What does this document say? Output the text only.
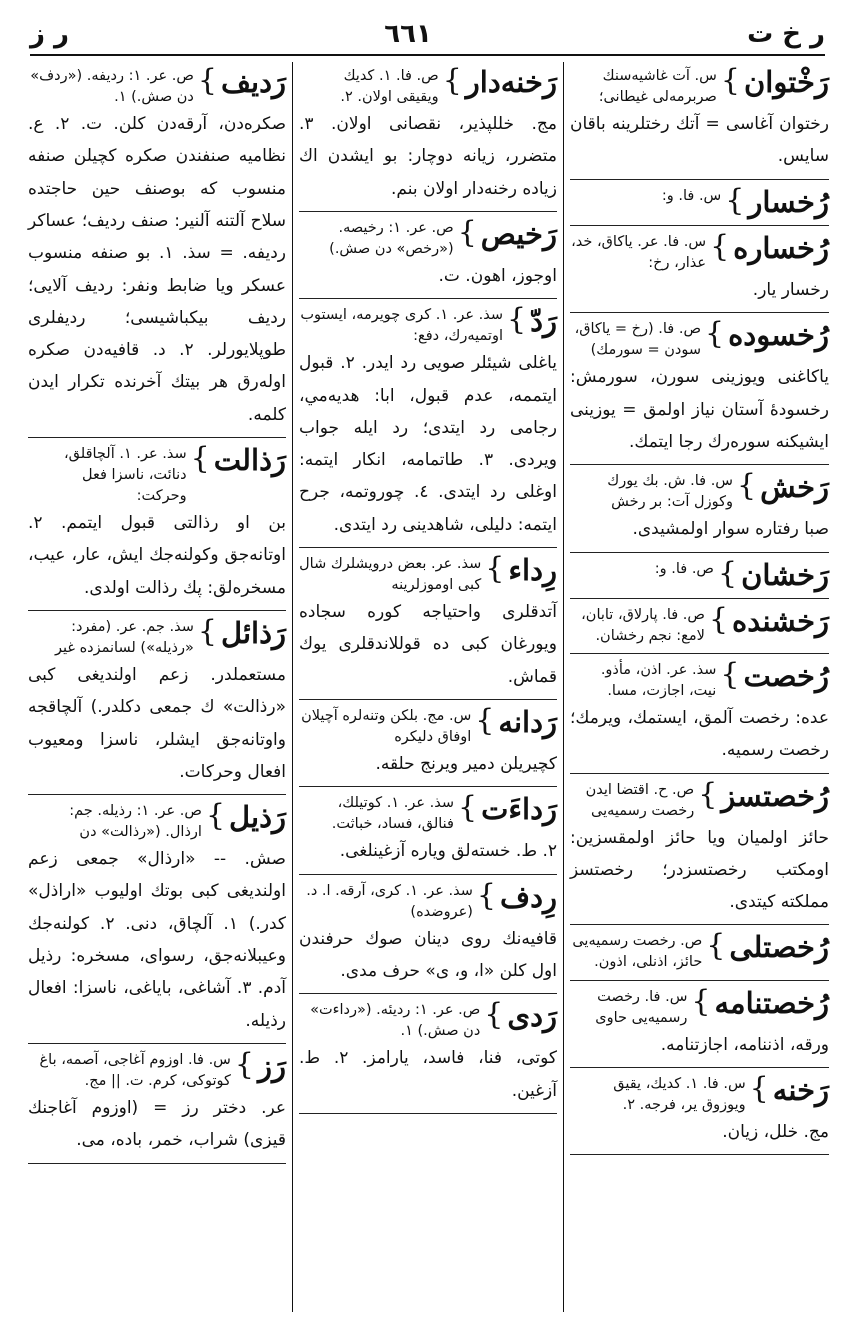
ر خ ت
٦٦١
ر ز
رَخْتوان
}
س. آت غاشیه‌سنك صربرمه‌لی غیطانی؛
رختوان آغاسی = آتك رختلرینه باقان سایس.
رُخسار
}
س. فا. و:
رُخساره
}
س. فا. عر. یاکاق، خد، عذار، رخ:
رخسار یار.
رُخسوده
}
ص. فا. (رخ = یاکاق، سودن = سورمك)
یاکاغنی ویوزینی سورن، سورمش: رخسودهٔ آستان نیاز اولمق = یوزینی ایشیکنه سوره‌رك رجا ایتمك.
رَخش
}
س. فا. ش. بك یورك وکوزل آت: بر رخش
صبا رفتاره سوار اولمشیدی.
رَخشان
}
ص. فا. و:
رَخشنده
}
ص. فا. پارلاق، تابان، لامع: نجم رخشان.
رُخصت
}
سذ. عر. اذن، مأذو. نیت، اجازت، مسا.
عده: رخصت آلمق، ایستمك، ویرمك؛ رخصت رسمیه.
رُخصتسز
}
ص. ح. اقتضا ایدن رخصت رسمیه‌یی
حائز اولمیان ویا حائز اولمقسزین: اومکتب رخصتسزدر؛ رخصتسز مملکته کیتدی.
رُخصتلی
}
ص. رخصت رسمیه‌یی حائز، اذنلی، اذون.
رُخصتنامه
}
س. فا. رخصت رسمیه‌یی حاوی
ورقه، اذننامه، اجازتنامه.
رَخنه
}
س. فا. ۱. کدیك، یقیق ویوزوق یر، فرجه. ۲.
مج. خلل، زیان.
رَخنه‌دار
}
ص. فا. ۱. کدیك ویقیقی اولان. ۲.
مج. خللپذیر، نقصانی اولان. ۳. متضرر، زیانه دوچار: بو ایشدن اك زیاده رخنه‌دار اولان بنم.
رَخیص
}
ص. عر. ۱: رخیصه. («رخص» دن صش.)
اوجوز، اهون. ت.
رَدّ
}
سذ. عر. ۱. کری چویرمه، ایستوب اوتمیه‌رك، دفع:
یاغلی شیئلر صویی رد ایدر. ۲. قبول ایتممه، عدم قبول، ابا: هدیه‌مي، رجامی رد ایتدی؛ رد ایله جواب ویردی. ۳. طاتمامه، انکار ایتمه: اوغلی رد ایتدی. ٤. چوروتمه، جرح ایتمه: دلیلی، شاهدینی رد ایتدی.
رِداء
}
سذ. عر. بعض درویشلرك شال کبی اوموزلرینه
آتدقلری واحتیاجه کوره سجاده ویورغان کبی ده قوللاندقلری یوك قماش.
رَدانه
}
س. مج. بلکن وتنه‌لره آچیلان اوفاق دلیکره
کچیریلن دمیر ویرنج حلقه.
رَداءَت
}
سذ. عر. ۱. کوتیلك، فنالق، فساد، خباثت.
۲. ط. خسته‌لق ویاره آزغینلغی.
رِدف
}
سذ. عر. ۱. کری، آرقه. ا. د. (عروضده)
قافیه‌نك روی دینان صوك حرفندن اول کلن «ا، و، ی» حرف مدی.
رَدی
}
ص. عر. ۱: ردیئه. («رداءت» دن صش.) ۱.
کوتی، فنا، فاسد، یارامز. ۲. ط. آزغین.
رَدیف
}
ص. عر. ۱: ردیفه. («ردف» دن صش.) ۱.
صکره‌دن، آرقه‌دن کلن. ت. ۲. ع. نظامیه صنفندن صکره کچیلن صنفه منسوب که بوصنف حین حاجتده سلاح آلتنه آلنیر: صنف ردیف؛ عساکر ردیفه. = سذ. ۱. بو صنفه منسوب عسکر ویا ضابط ونفر: ردیف آلایی؛ ردیف بیکباشیسی؛ ردیفلری طوپلایورلر. ۲. د. قافیه‌دن صکره اوله‌رق هر بیتك آخرنده تکرار ایدن کلمه.
رَذالت
}
سذ. عر. ۱. آلچاقلق، دنائت، ناسزا فعل وحرکت:
بن او رذالتی قبول ایتمم. ۲. اوتانه‌جق وکولنه‌جك ایش، عار، عیب، مسخره‌لق: پك رذالت اولدی.
رَذائل
}
سذ. جم. عر. (مفرد: «رذیله») لسانمزده غیر
مستعملدر. زعم اولندیغی کبی «رذالت» ك جمعی دکلدر.) آلچاقجه واوتانه‌جق ایشلر، ناسزا ومعیوب افعال وحرکات.
رَذیل
}
ص. عر. ۱: رذیله. جم: ارذال. («رذالت» دن
صش. -- «ارذال» جمعی زعم اولندیغی کبی بوتك اولیوب «اراذل» کدر.) ۱. آلچاق، دنی. ۲. کولنه‌جك وعیبلانه‌جق، رسوای، مسخره: رذیل آدم. ۳. آشاغی، بایاغی، ناسزا: افعال رذیله.
رَز
}
س. فا. اوزوم آغاجی، آصمه، باغ کوتوکی، کرم. ت. || مج.
عر. دختر رز = (اوزوم آغاجنك قیزی) شراب، خمر، باده، می.
